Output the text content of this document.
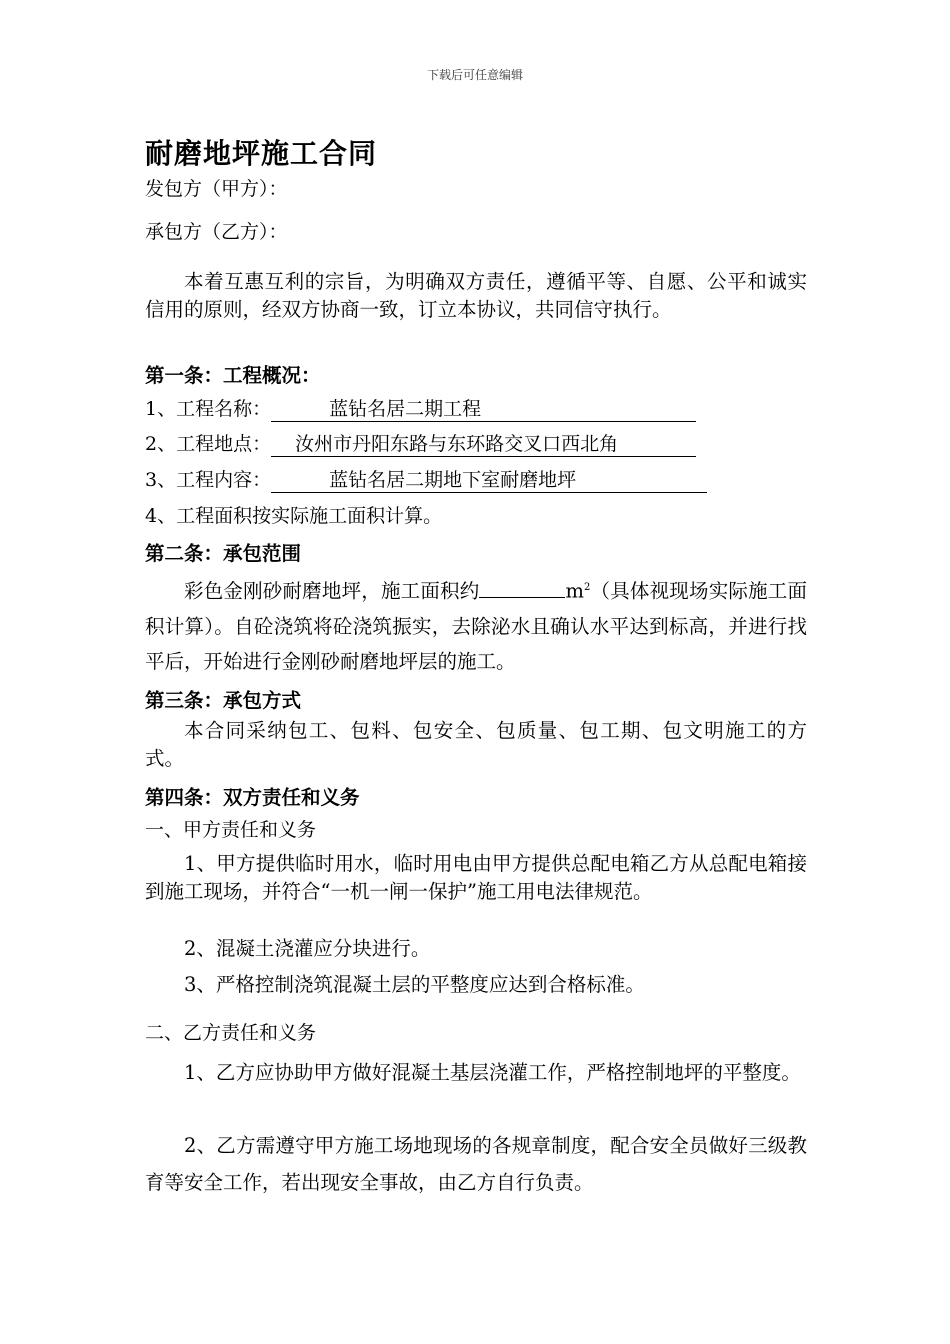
下载后可任意编辑
耐磨地坪施工合同
发包方（甲方）：
承包方（乙方）：
本着互惠互利的宗旨，为明确双方责任，遵循平等、自愿、公平和诚实信用的原则，经双方协商一致，订立本协议，共同信守执行。
第一条：工程概况：
1、工程名称：	蓝钻名居二期工程
2、工程地点： 汝州市丹阳东路与东环路交叉口西北角
3、工程内容：	蓝钻名居二期地下室耐磨地坪
4、工程面积按实际施工面积计算。
第二条：承包范围
彩色金刚砂耐磨地坪，施工面积约	$m^2$（具体视现场实际施工面积计算）。自砼浇筑将砼浇筑振实，去除泌水且确认水平达到标高，并进行找平后，开始进行金刚砂耐磨地坪层的施工。
第三条：承包方式
本合同采纳包工、包料、包安全、包质量、包工期、包文明施工的方式。
第四条：双方责任和义务
一、甲方责任和义务
1、甲方提供临时用水，临时用电由甲方提供总配电箱乙方从总配电箱接到施工现场，并符合“一机一闸一保护”施工用电法律规范。
2、混凝土浇灌应分块进行。
3、严格控制浇筑混凝土层的平整度应达到合格标准。
二、乙方责任和义务
1、乙方应协助甲方做好混凝土基层浇灌工作，严格控制地坪的平整度。
2、乙方需遵守甲方施工场地现场的各规章制度，配合安全员做好三级教育等安全工作，若出现安全事故，由乙方自行负责。
